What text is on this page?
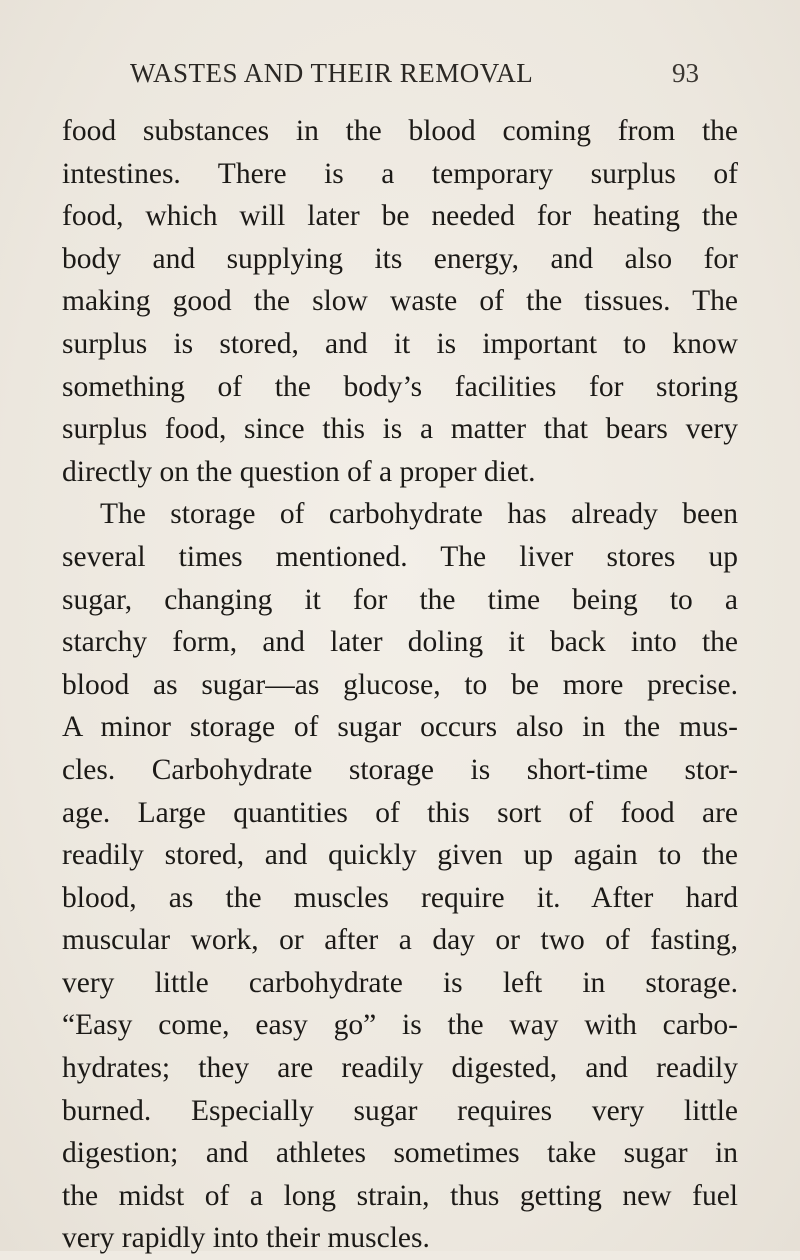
WASTES AND THEIR REMOVAL	93
food substances in the blood coming from the
intestines. There is a temporary surplus of
food, which will later be needed for heating the
body and supplying its energy, and also for
making good the slow waste of the tissues. The
surplus is stored, and it is important to know
something of the body’s facilities for storing
surplus food, since this is a matter that bears very
directly on the question of a proper diet.
The storage of carbohydrate has already been
several times mentioned. The liver stores up
sugar, changing it for the time being to a
starchy form, and later doling it back into the
blood as sugar—as glucose, to be more precise.
A minor storage of sugar occurs also in the mus-
cles. Carbohydrate storage is short-time stor-
age. Large quantities of this sort of food are
readily stored, and quickly given up again to the
blood, as the muscles require it. After hard
muscular work, or after a day or two of fasting,
very little carbohydrate is left in storage.
“Easy come, easy go” is the way with carbo-
hydrates; they are readily digested, and readily
burned. Especially sugar requires very little
digestion; and athletes sometimes take sugar in
the midst of a long strain, thus getting new fuel
very rapidly into their muscles.
